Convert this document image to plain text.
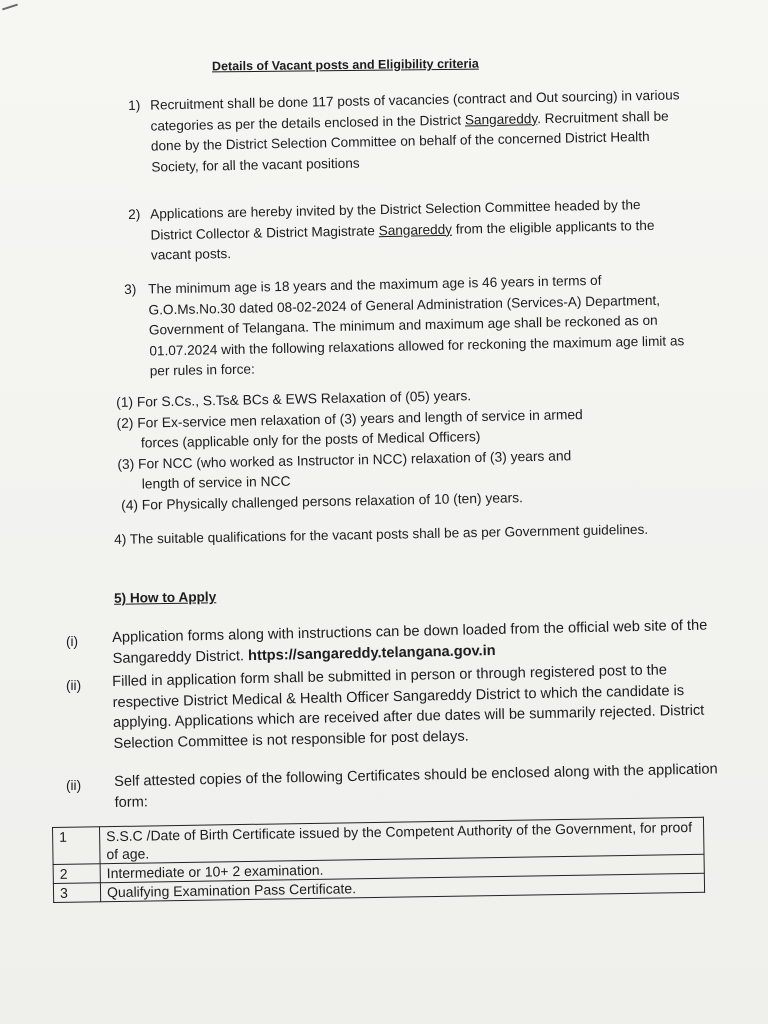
Details of Vacant posts and Eligibility criteria
1) Recruitment shall be done 117 posts of vacancies (contract and Out sourcing) in various categories as per the details enclosed in the District Sangareddy. Recruitment shall be done by the District Selection Committee on behalf of the concerned District Health Society, for all the vacant positions
2) Applications are hereby invited by the District Selection Committee headed by the District Collector & District Magistrate Sangareddy from the eligible applicants to the vacant posts.
3) The minimum age is 18 years and the maximum age is 46 years in terms of G.O.Ms.No.30 dated 08-02-2024 of General Administration (Services-A) Department, Government of Telangana. The minimum and maximum age shall be reckoned as on 01.07.2024 with the following relaxations allowed for reckoning the maximum age limit as per rules in force:
(1) For S.Cs., S.Ts& BCs & EWS Relaxation of (05) years.
(2) For Ex-service men relaxation of (3) years and length of service in armed
forces (applicable only for the posts of Medical Officers)
(3) For NCC (who worked as Instructor in NCC) relaxation of (3) years and
length of service in NCC
(4) For Physically challenged persons relaxation of 10 (ten) years.
4) The suitable qualifications for the vacant posts shall be as per Government guidelines.
5) How to Apply
(i) Application forms along with instructions can be down loaded from the official web site of the Sangareddy District. https://sangareddy.telangana.gov.in
(ii) Filled in application form shall be submitted in person or through registered post to the respective District Medical & Health Officer Sangareddy District to which the candidate is applying. Applications which are received after due dates will be summarily rejected. District Selection Committee is not responsible for post delays.
(ii) Self attested copies of the following Certificates should be enclosed along with the application form:
1	S.S.C /Date of Birth Certificate issued by the Competent Authority of the Government, for proof of age.
2	Intermediate or 10+ 2 examination.
3	Qualifying Examination Pass Certificate.
